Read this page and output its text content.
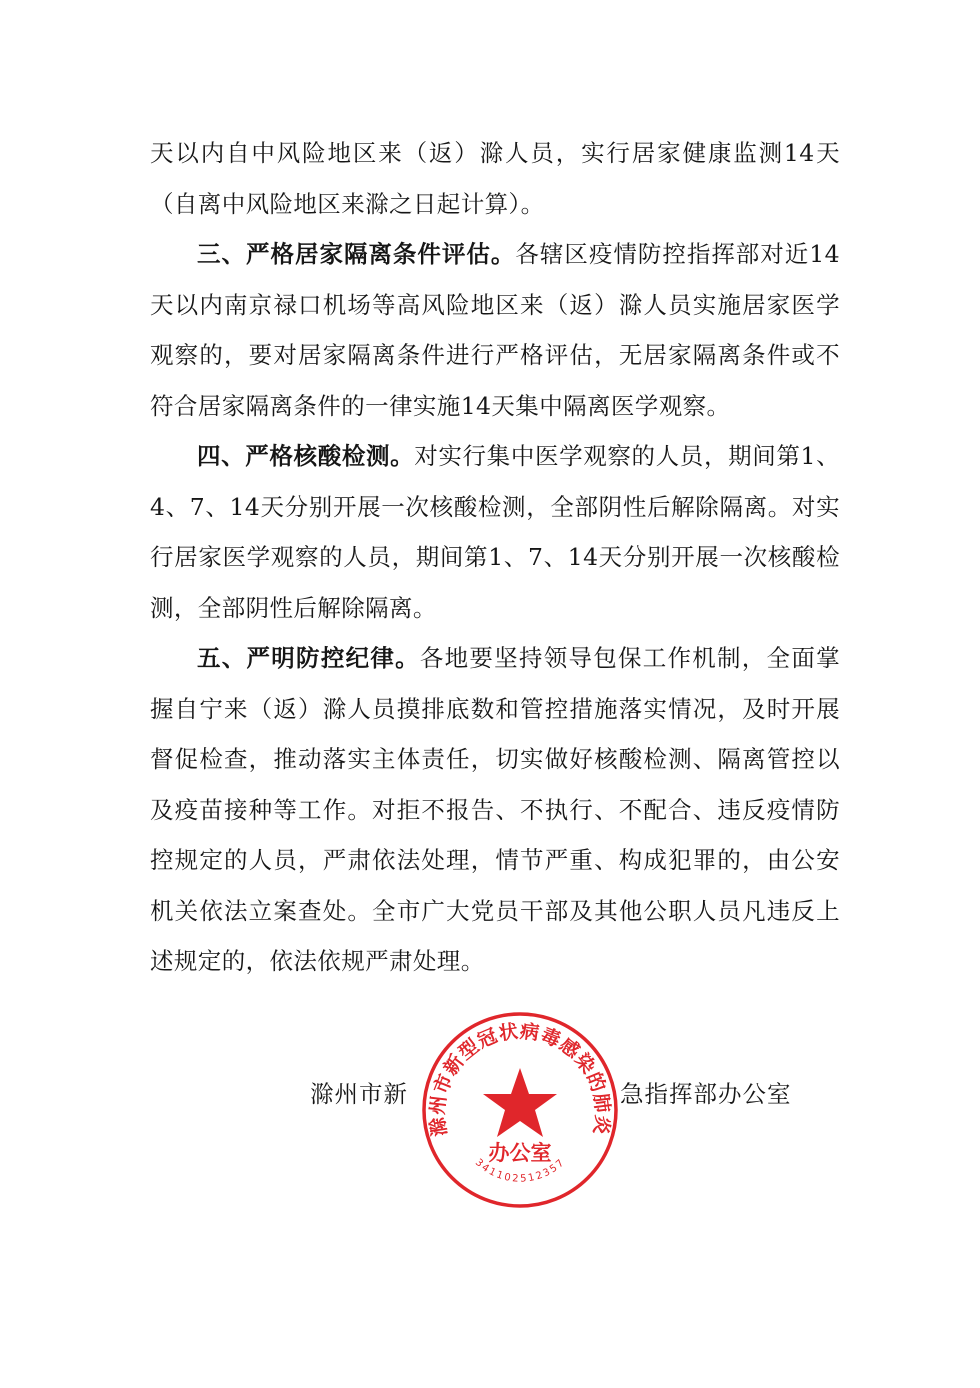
天以内自中风险地区来（返）滁人员，实行居家健康监测14天（自离中风险地区来滁之日起计算）。

三、严格居家隔离条件评估。各辖区疫情防控指挥部对近14天以内南京禄口机场等高风险地区来（返）滁人员实施居家医学观察的，要对居家隔离条件进行严格评估，无居家隔离条件或不符合居家隔离条件的一律实施14天集中隔离医学观察。

四、严格核酸检测。对实行集中医学观察的人员，期间第1、4、7、14天分别开展一次核酸检测，全部阴性后解除隔离。对实行居家医学观察的人员，期间第1、7、14天分别开展一次核酸检测，全部阴性后解除隔离。

五、严明防控纪律。各地要坚持领导包保工作机制，全面掌握自宁来（返）滁人员摸排底数和管控措施落实情况，及时开展督促检查，推动落实主体责任，切实做好核酸检测、隔离管控以及疫苗接种等工作。对拒不报告、不执行、不配合、违反疫情防控规定的人员，严肃依法处理，情节严重、构成犯罪的，由公安机关依法立案查处。全市广大党员干部及其他公职人员凡违反上述规定的，依法依规严肃处理。

滁州市新	急指挥部办公室
滁州市新型冠状病毒感染的肺炎
办公室
341102512357
